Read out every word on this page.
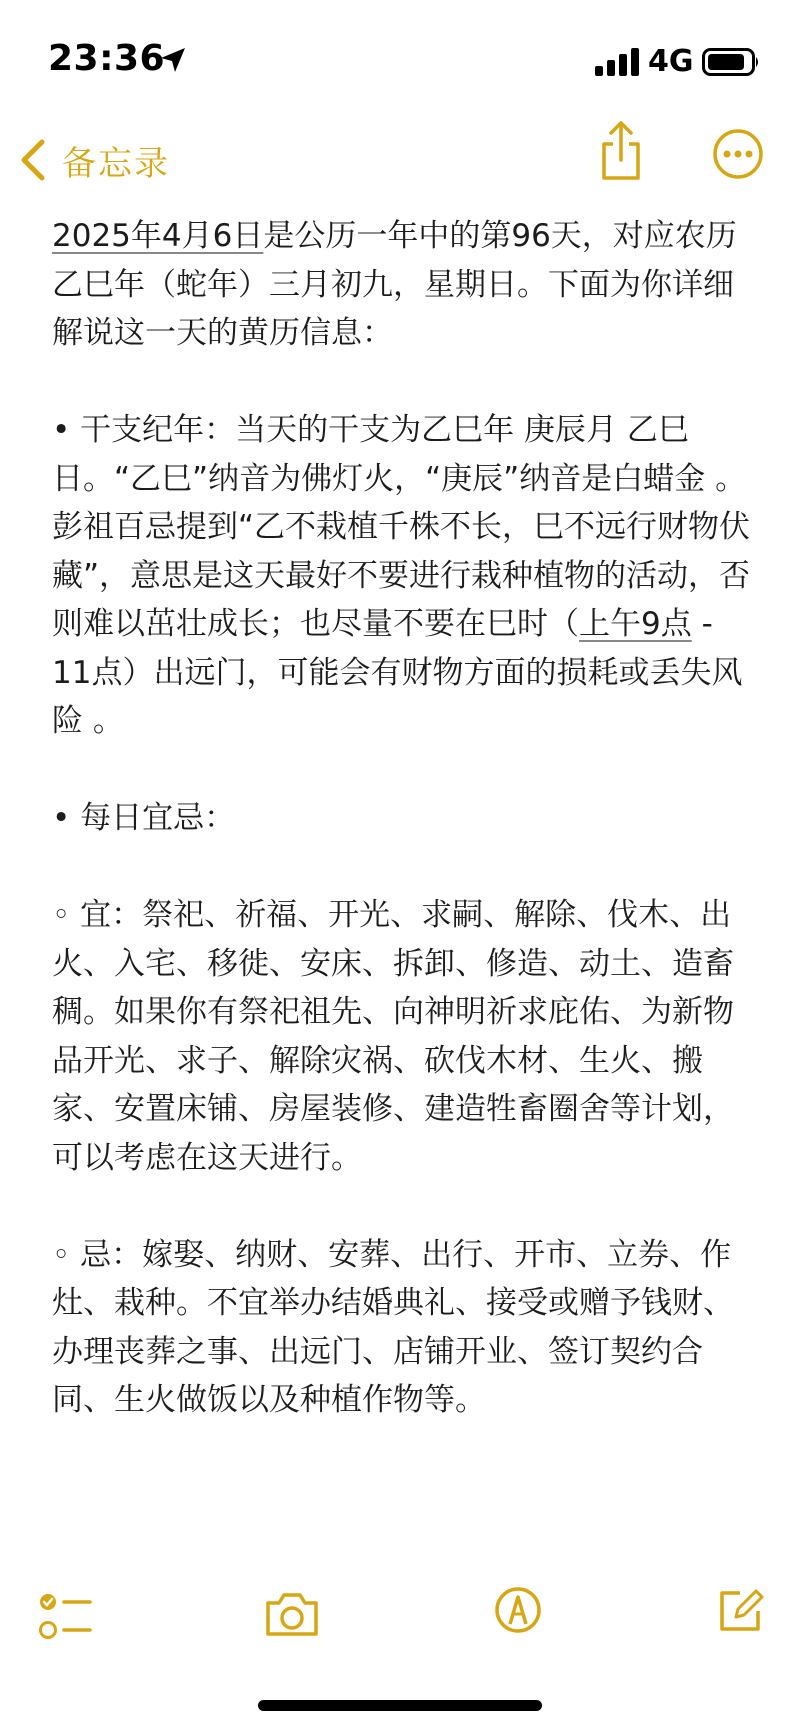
23:36	4G
备忘录

2025年4月6日是公历一年中的第96天，对应农历乙巳年（蛇年）三月初九，星期日。下面为你详细解说这一天的黄历信息：

• 干支纪年：当天的干支为乙巳年 庚辰月 乙巳日。“乙巳”纳音为佛灯火，“庚辰”纳音是白蜡金 。彭祖百忌提到“乙不栽植千株不长，巳不远行财物伏藏”，意思是这天最好不要进行栽种植物的活动，否则难以茁壮成长；也尽量不要在巳时（上午9点 - 11点）出远门，可能会有财物方面的损耗或丢失风险 。

• 每日宜忌：

◦ 宜：祭祀、祈福、开光、求嗣、解除、伐木、出火、入宅、移徙、安床、拆卸、修造、动土、造畜稠。如果你有祭祀祖先、向神明祈求庇佑、为新物品开光、求子、解除灾祸、砍伐木材、生火、搬家、安置床铺、房屋装修、建造牲畜圈舍等计划，可以考虑在这天进行。

◦ 忌：嫁娶、纳财、安葬、出行、开市、立券、作灶、栽种。不宜举办结婚典礼、接受或赠予钱财、办理丧葬之事、出远门、店铺开业、签订契约合同、生火做饭以及种植作物等。
